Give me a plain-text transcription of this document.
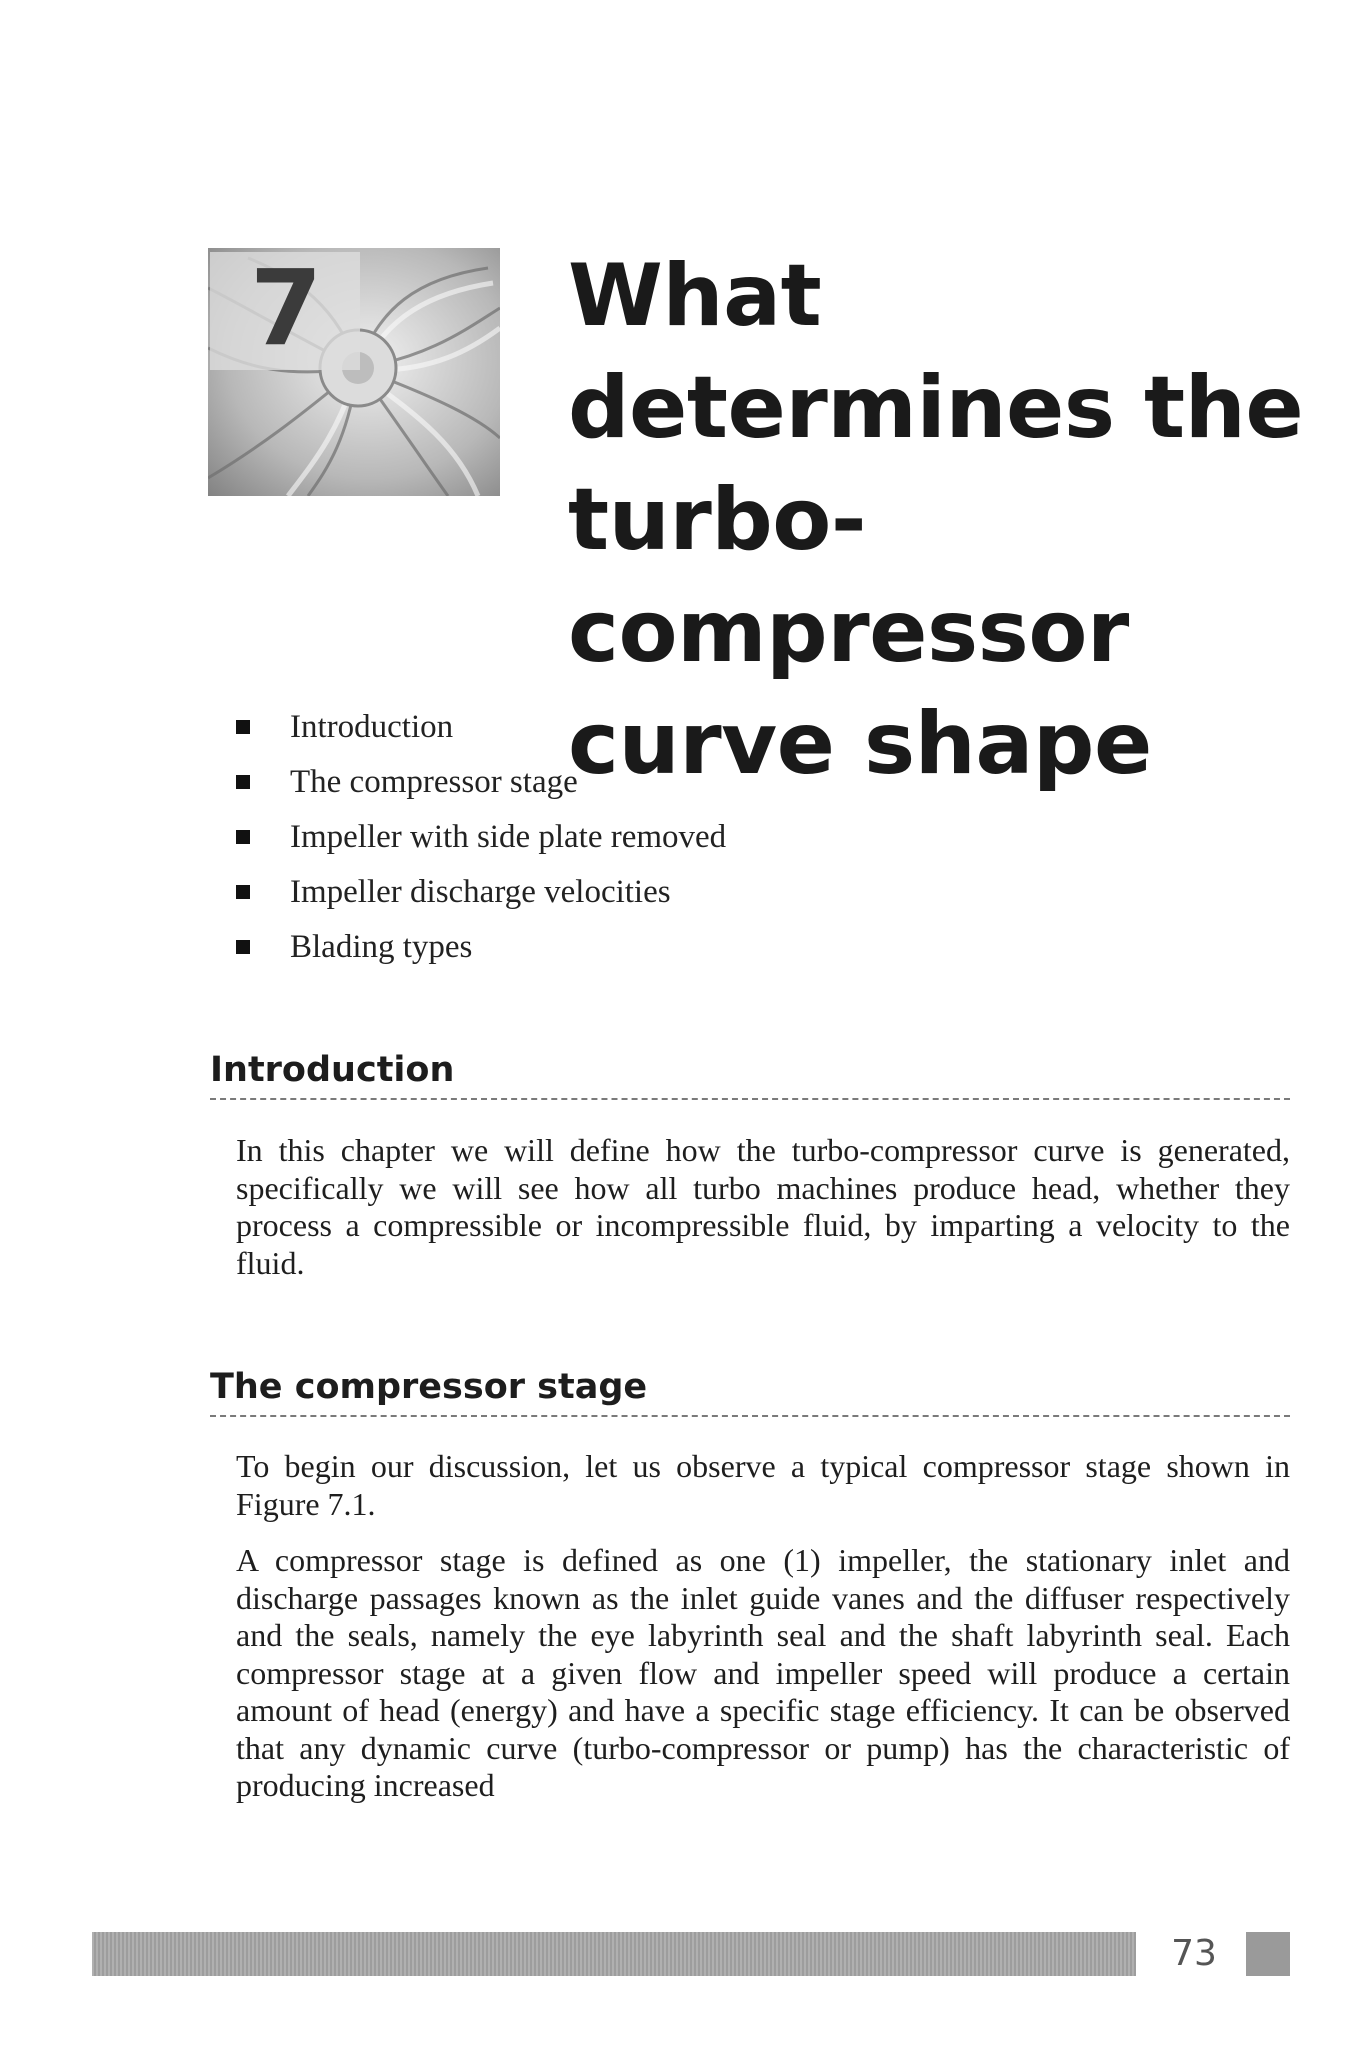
7	What determines the turbo-compressor curve shape
Introduction
The compressor stage
Impeller with side plate removed
Impeller discharge velocities
Blading types
Introduction

In this chapter we will define how the turbo-compressor curve is generated, specifically we will see how all turbo machines produce head, whether they process a compressible or incompressible fluid, by imparting a velocity to the fluid.

The compressor stage

To begin our discussion, let us observe a typical compressor stage shown in Figure 7.1.

A compressor stage is defined as one (1) impeller, the stationary inlet and discharge passages known as the inlet guide vanes and the diffuser respectively and the seals, namely the eye labyrinth seal and the shaft labyrinth seal. Each compressor stage at a given flow and impeller speed will produce a certain amount of head (energy) and have a specific stage efficiency. It can be observed that any dynamic curve (turbo-compressor or pump) has the characteristic of producing increased

73
